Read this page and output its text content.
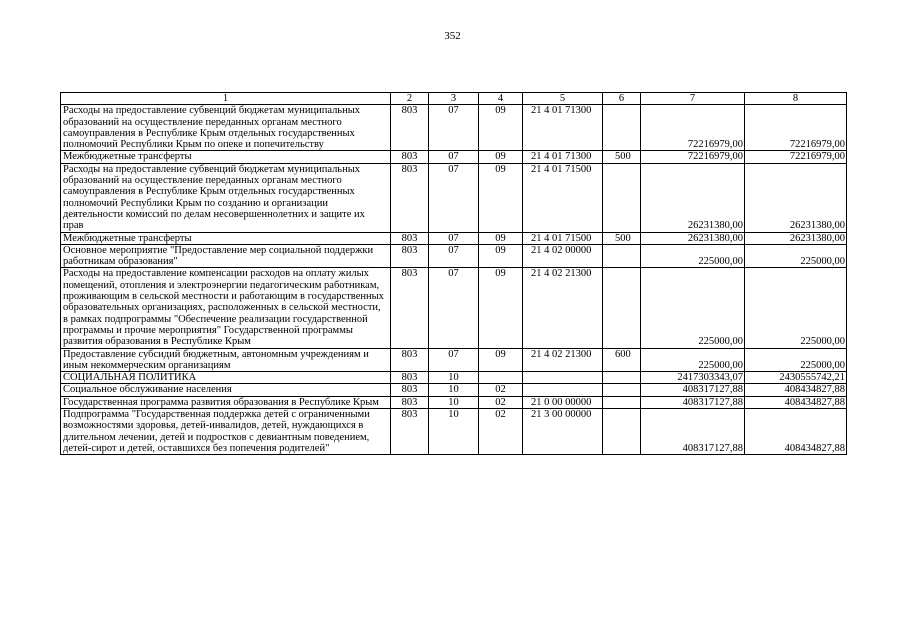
352
1	2	3	4	5	6	7	8
Расходы на предоставление субвенций бюджетам муниципальных образований на осуществление переданных органам местного самоуправления в Республике Крым отдельных государственных полномочий Республики Крым по опеке и попечительству	803	07	09	21 4 01 71300		72216979,00	72216979,00
Межбюджетные трансферты	803	07	09	21 4 01 71300	500	72216979,00	72216979,00
Расходы на предоставление субвенций бюджетам муниципальных образований на осуществление переданных органам местного самоуправления в Республике Крым отдельных государственных полномочий Республики Крым по созданию и организации деятельности комиссий по делам несовершеннолетних и защите их прав	803	07	09	21 4 01 71500		26231380,00	26231380,00
Межбюджетные трансферты	803	07	09	21 4 01 71500	500	26231380,00	26231380,00
Основное мероприятие "Предоставление мер социальной поддержки работникам образования"	803	07	09	21 4 02 00000		225000,00	225000,00
Расходы на предоставление компенсации расходов на оплату жилых помещений, отопления и электроэнергии педагогическим работникам, проживающим в сельской местности и работающим в государственных образовательных организациях, расположенных в сельской местности, в рамках подпрограммы "Обеспечение реализации государственной программы и прочие мероприятия" Государственной программы развития образования в Республике Крым	803	07	09	21 4 02 21300		225000,00	225000,00
Предоставление субсидий бюджетным, автономным учреждениям и иным некоммерческим организациям	803	07	09	21 4 02 21300	600	225000,00	225000,00
СОЦИАЛЬНАЯ ПОЛИТИКА	803	10				2417303343,07	2430555742,21
Социальное обслуживание населения	803	10	02			408317127,88	408434827,88
Государственная программа развития образования в Республике Крым	803	10	02	21 0 00 00000		408317127,88	408434827,88
Подпрограмма "Государственная поддержка детей с ограниченными возможностями здоровья, детей-инвалидов, детей, нуждающихся в длительном лечении, детей и подростков с девиантным поведением, детей-сирот и детей, оставшихся без попечения родителей"	803	10	02	21 3 00 00000		408317127,88	408434827,88
